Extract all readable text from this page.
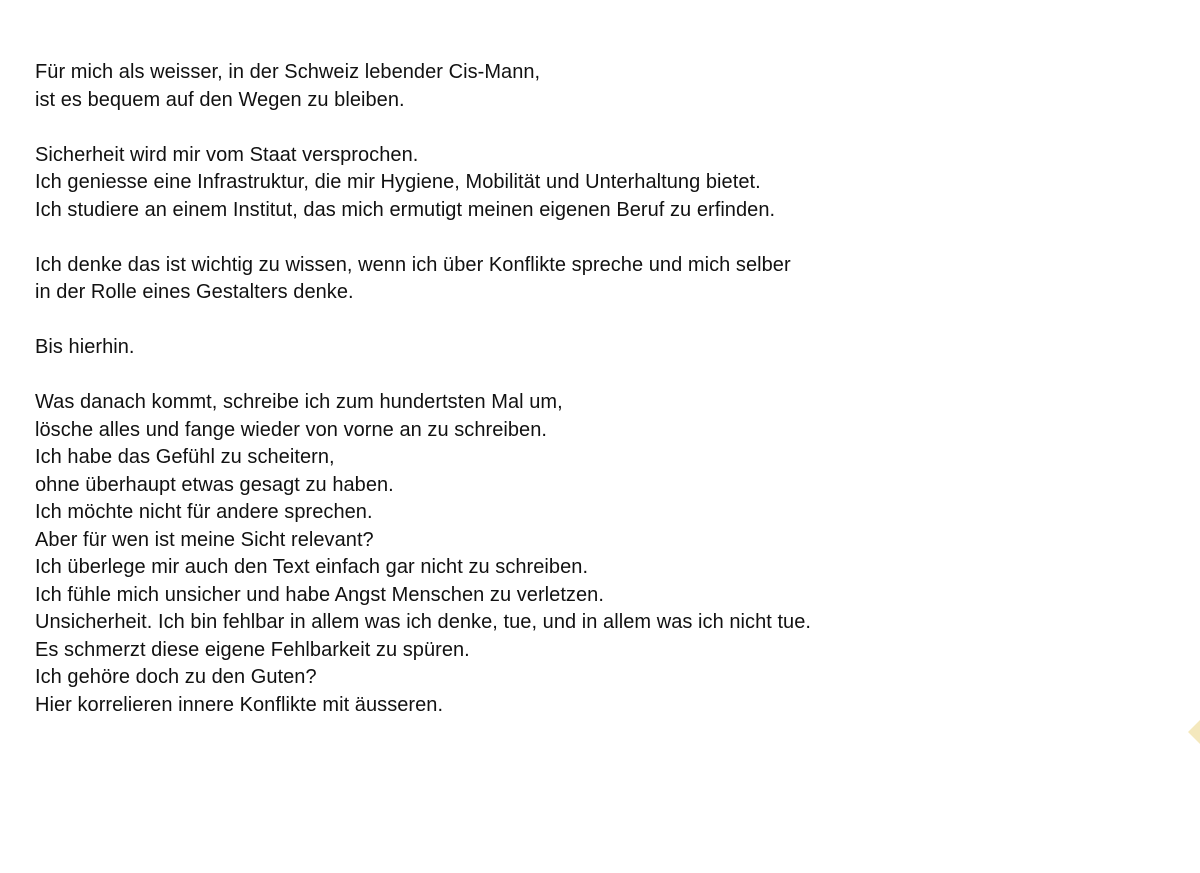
Für mich als weisser, in der Schweiz lebender Cis-Mann,
ist es bequem auf den Wegen zu bleiben.

Sicherheit wird mir vom Staat versprochen.
Ich geniesse eine Infrastruktur, die mir Hygiene, Mobilität und Unterhaltung bietet.
Ich studiere an einem Institut, das mich ermutigt meinen eigenen Beruf zu erfinden.

Ich denke das ist wichtig zu wissen, wenn ich über Konflikte spreche und mich selber
in der Rolle eines Gestalters denke.

Bis hierhin.

Was danach kommt, schreibe ich zum hundertsten Mal um,
lösche alles und fange wieder von vorne an zu schreiben.
Ich habe das Gefühl zu scheitern,
ohne überhaupt etwas gesagt zu haben.
Ich möchte nicht für andere sprechen.
Aber für wen ist meine Sicht relevant?
Ich überlege mir auch den Text einfach gar nicht zu schreiben.
Ich fühle mich unsicher und habe Angst Menschen zu verletzen.
Unsicherheit. Ich bin fehlbar in allem was ich denke, tue, und in allem was ich nicht tue.
Es schmerzt diese eigene Fehlbarkeit zu spüren.
Ich gehöre doch zu den Guten?
Hier korrelieren innere Konflikte mit äusseren.
